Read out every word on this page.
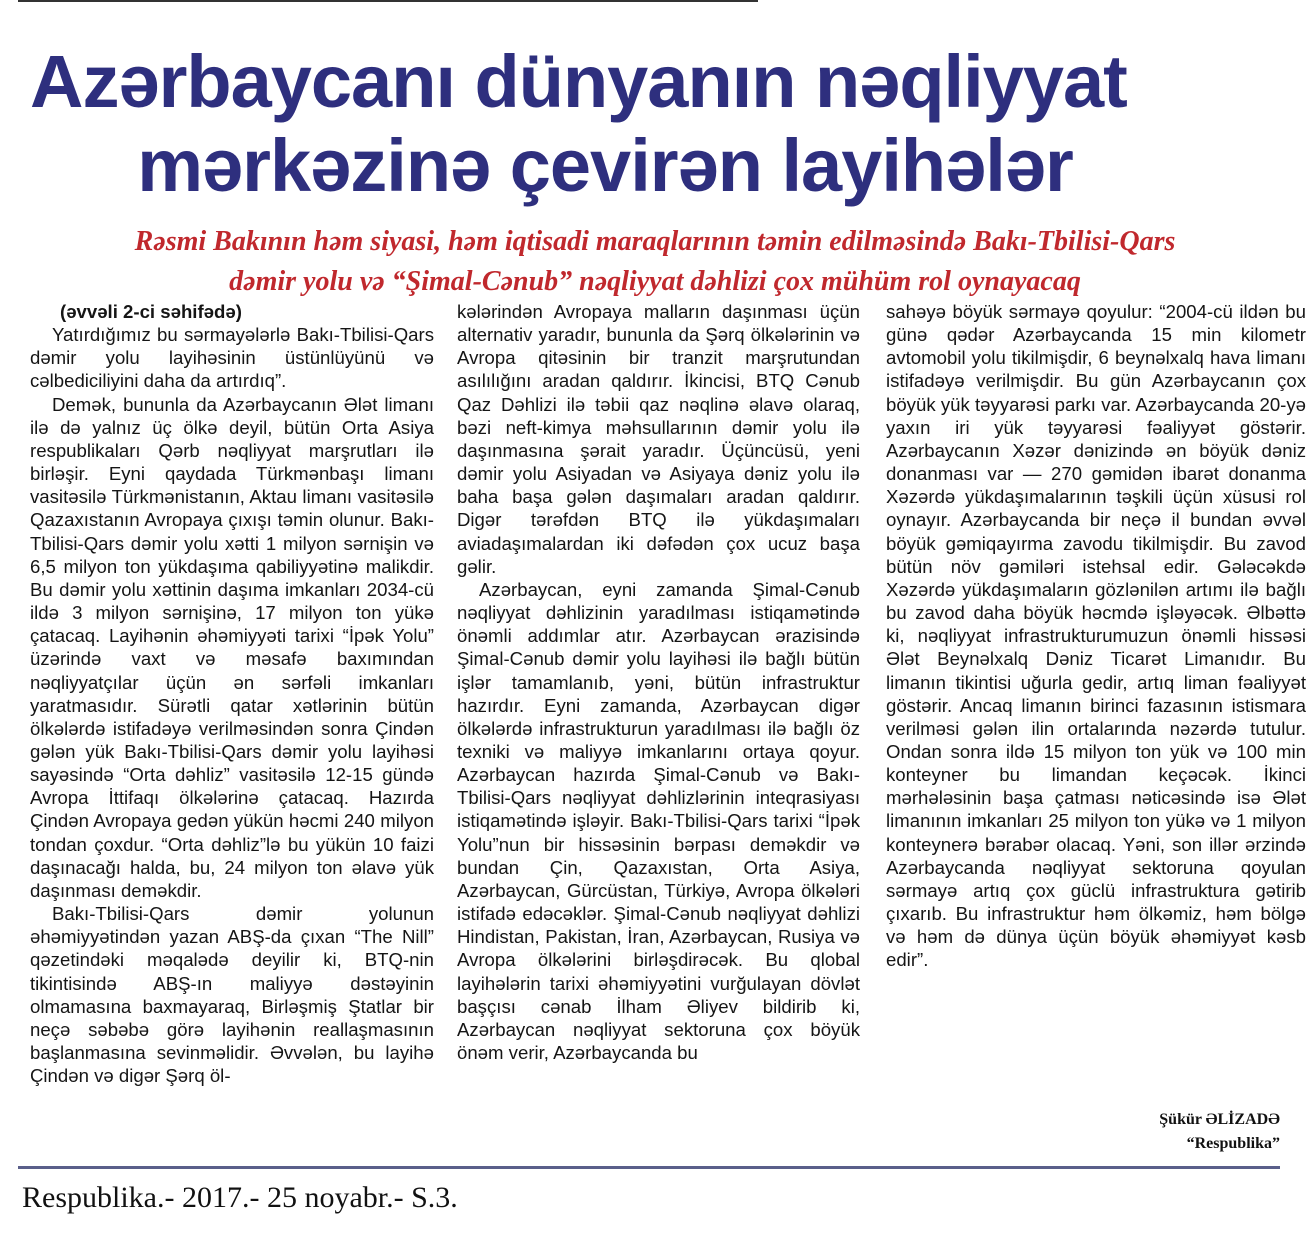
Azərbaycanı dünyanın nəqliyyat
mərkəzinə çevirən layihələr
Rəsmi Bakının həm siyasi, həm iqtisadi maraqlarının təmin edilməsində Bakı-Tbilisi-Qars
dəmir yolu və “Şimal-Cənub” nəqliyyat dəhlizi çox mühüm rol oynayacaq
(əvvəli 2-ci səhifədə)

Yatırdığımız bu sərmayələrlə Bakı-Tbilisi-Qars dəmir yolu layihəsinin üstünlüyünü və cəlbediciliyini daha da artırdıq”.

Demək, bununla da Azərbaycanın Ələt limanı ilə də yalnız üç ölkə deyil, bütün Orta Asiya respublikaları Qərb nəqliyyat marşrutları ilə birləşir. Eyni qaydada Türkmənbaşı limanı vasitəsilə Türkmənistanın, Aktau limanı vasitəsilə Qazaxıstanın Avropaya çıxışı təmin olunur. Bakı-Tbilisi-Qars dəmir yolu xətti 1 milyon sərnişin və 6,5 milyon ton yükdaşıma qabiliyyətinə malikdir. Bu dəmir yolu xəttinin daşıma imkanları 2034-cü ildə 3 milyon sərnişinə, 17 milyon ton yükə çatacaq. Layihənin əhəmiyyəti tarixi “İpək Yolu” üzərində vaxt və məsafə baxımından nəqliyyatçılar üçün ən sərfəli imkanları yaratmasıdır. Sürətli qatar xətlərinin bütün ölkələrdə istifadəyə verilməsindən sonra Çindən gələn yük Bakı-Tbilisi-Qars dəmir yolu layihəsi sayəsində “Orta dəhliz” vasitəsilə 12-15 gündə Avropa İttifaqı ölkələrinə çatacaq. Hazırda Çindən Avropaya gedən yükün həcmi 240 milyon tondan çoxdur. “Orta dəhliz”lə bu yükün 10 faizi daşınacağı halda, bu, 24 milyon ton əlavə yük daşınması deməkdir.

Bakı-Tbilisi-Qars dəmir yolunun əhəmiyyətindən yazan ABŞ-da çıxan “The Nill” qəzetindəki məqalədə deyilir ki, BTQ-nin tikintisində ABŞ-ın maliyyə dəstəyinin olmamasına baxmayaraq, Birləşmiş Ştatlar bir neçə səbəbə görə layihənin reallaşmasının başlanmasına sevinməlidir. Əvvələn, bu layihə Çindən və digər Şərq öl-

kələrindən Avropaya malların daşınması üçün alternativ yaradır, bununla da Şərq ölkələrinin və Avropa qitəsinin bir tranzit marşrutundan asılılığını aradan qaldırır. İkincisi, BTQ Cənub Qaz Dəhlizi ilə təbii qaz nəqlinə əlavə olaraq, bəzi neft-kimya məhsullarının dəmir yolu ilə daşınmasına şərait yaradır. Üçüncüsü, yeni dəmir yolu Asiyadan və Asiyaya dəniz yolu ilə baha başa gələn daşımaları aradan qaldırır. Digər tərəfdən BTQ ilə yükdaşımaları aviadaşımalardan iki dəfədən çox ucuz başa gəlir.

Azərbaycan, eyni zamanda Şimal-Cənub nəqliyyat dəhlizinin yaradılması istiqamətində önəmli addımlar atır. Azərbaycan ərazisində Şimal-Cənub dəmir yolu layihəsi ilə bağlı bütün işlər tamamlanıb, yəni, bütün infrastruktur hazırdır. Eyni zamanda, Azərbaycan digər ölkələrdə infrastrukturun yaradılması ilə bağlı öz texniki və maliyyə imkanlarını ortaya qoyur. Azərbaycan hazırda Şimal-Cənub və Bakı-Tbilisi-Qars nəqliyyat dəhlizlərinin inteqrasiyası istiqamətində işləyir. Bakı-Tbilisi-Qars tarixi “İpək Yolu”nun bir hissəsinin bərpası deməkdir və bundan Çin, Qazaxıstan, Orta Asiya, Azərbaycan, Gürcüstan, Türkiyə, Avropa ölkələri istifadə edəcəklər. Şimal-Cənub nəqliyyat dəhlizi Hindistan, Pakistan, İran, Azərbaycan, Rusiya və Avropa ölkələrini birləşdirəcək. Bu qlobal layihələrin tarixi əhəmiyyətini vurğulayan dövlət başçısı cənab İlham Əliyev bildirib ki, Azərbaycan nəqliyyat sektoruna çox böyük önəm verir, Azərbaycanda bu

sahəyə böyük sərmayə qoyulur: “2004-cü ildən bu günə qədər Azərbaycanda 15 min kilometr avtomobil yolu tikilmişdir, 6 beynəlxalq hava limanı istifadəyə verilmişdir. Bu gün Azərbaycanın çox böyük yük təyyarəsi parkı var. Azərbaycanda 20-yə yaxın iri yük təyyarəsi fəaliyyət göstərir. Azərbaycanın Xəzər dənizində ən böyük dəniz donanması var — 270 gəmidən ibarət donanma Xəzərdə yükdaşımalarının təşkili üçün xüsusi rol oynayır. Azərbaycanda bir neçə il bundan əvvəl böyük gəmiqayırma zavodu tikilmişdir. Bu zavod bütün növ gəmiləri istehsal edir. Gələcəkdə Xəzərdə yükdaşımaların gözlənilən artımı ilə bağlı bu zavod daha böyük həcmdə işləyəcək. Əlbəttə ki, nəqliyyat infrastrukturumuzun önəmli hissəsi Ələt Beynəlxalq Dəniz Ticarət Limanıdır. Bu limanın tikintisi uğurla gedir, artıq liman fəaliyyət göstərir. Ancaq limanın birinci fazasının istismara verilməsi gələn ilin ortalarında nəzərdə tutulur. Ondan sonra ildə 15 milyon ton yük və 100 min konteyner bu limandan keçəcək. İkinci mərhələsinin başa çatması nəticəsində isə Ələt limanının imkanları 25 milyon ton yükə və 1 milyon konteynerə bərabər olacaq. Yəni, son illər ərzində Azərbaycanda nəqliyyat sektoruna qoyulan sərmayə artıq çox güclü infrastruktura gətirib çıxarıb. Bu infrastruktur həm ölkəmiz, həm bölgə və həm də dünya üçün böyük əhəmiyyət kəsb edir”.

Şükür ƏLİZADƏ
“Respublika”
Respublika.- 2017.- 25 noyabr.- S.3.
